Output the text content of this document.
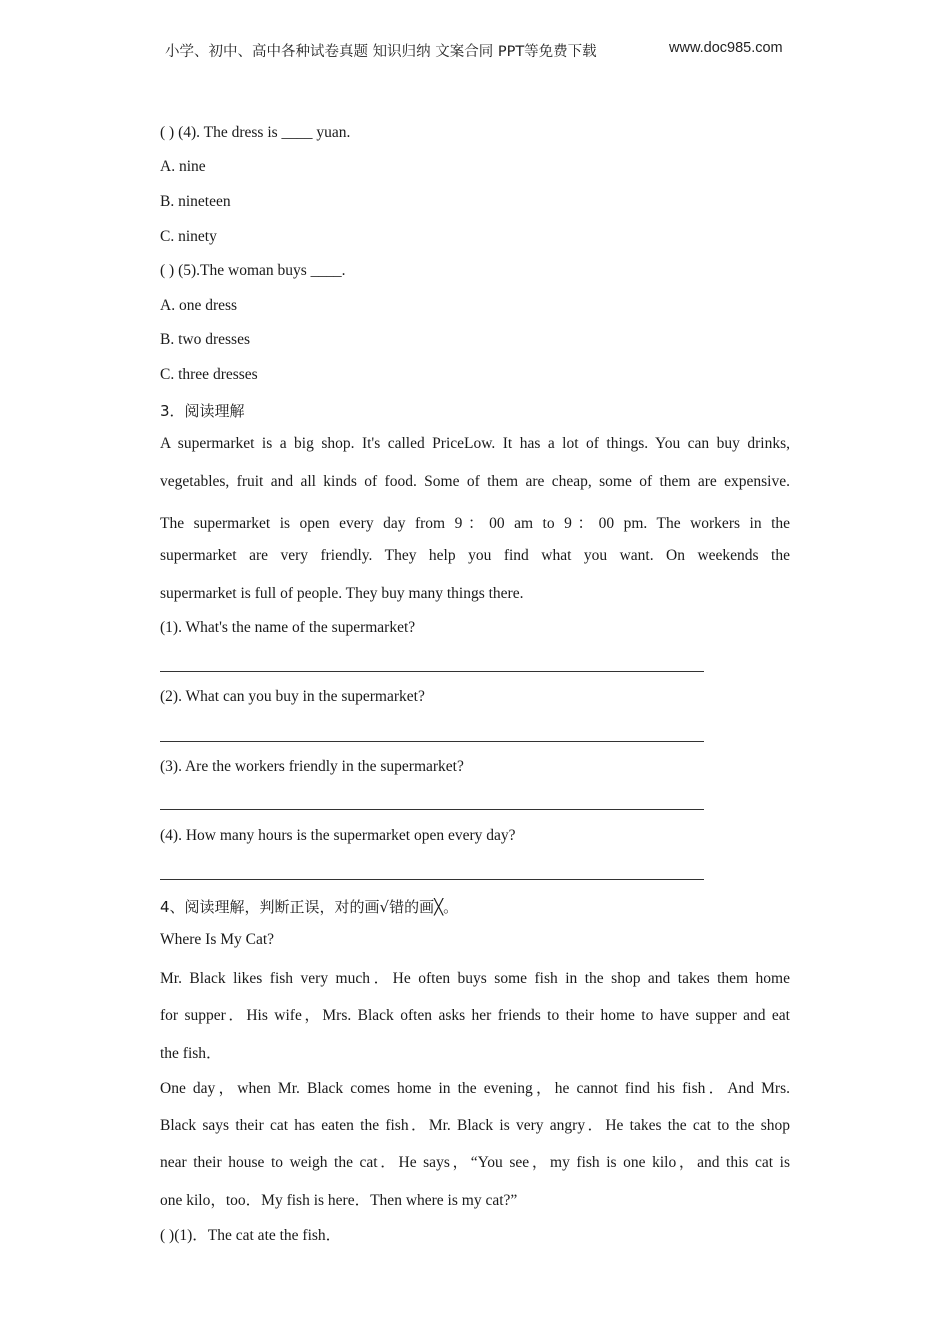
小学、初中、高中各种试卷真题 知识归纳 文案合同 PPT等免费下载	www.doc985.com
( ) (4). The dress is ____ yuan.
A. nine
B. nineteen
C. ninety
( ) (5).The woman buys ____.
A. one dress
B. two dresses
C. three dresses
3．阅读理解
A supermarket is a big shop. It's called PriceLow. It has a lot of things. You can buy drinks,
vegetables, fruit and all kinds of food. Some of them are cheap, some of them are expensive.
The supermarket is open every day from 9：00 am to 9：00 pm. The workers in the
supermarket are very friendly. They help you find what you want. On weekends the
supermarket is full of people. They buy many things there.
(1). What's the name of the supermarket?
(2). What can you buy in the supermarket?
(3). Are the workers friendly in the supermarket?
(4). How many hours is the supermarket open every day?
4、阅读理解，判断正误，对的画√错的画╳。
Where Is My Cat?
Mr. Black likes fish very much．He often buys some fish in the shop and takes them home
for supper．His wife，Mrs. Black often asks her friends to their home to have supper and eat
the fish．
One day，when Mr. Black comes home in the evening，he cannot find his fish．And Mrs.
Black says their cat has eaten the fish．Mr. Black is very angry．He takes the cat to the shop
near their house to weigh the cat．He says，“You see，my fish is one kilo，and this cat is
one kilo，too．My fish is here．Then where is my cat?”
( )(1)．The cat ate the fish．
